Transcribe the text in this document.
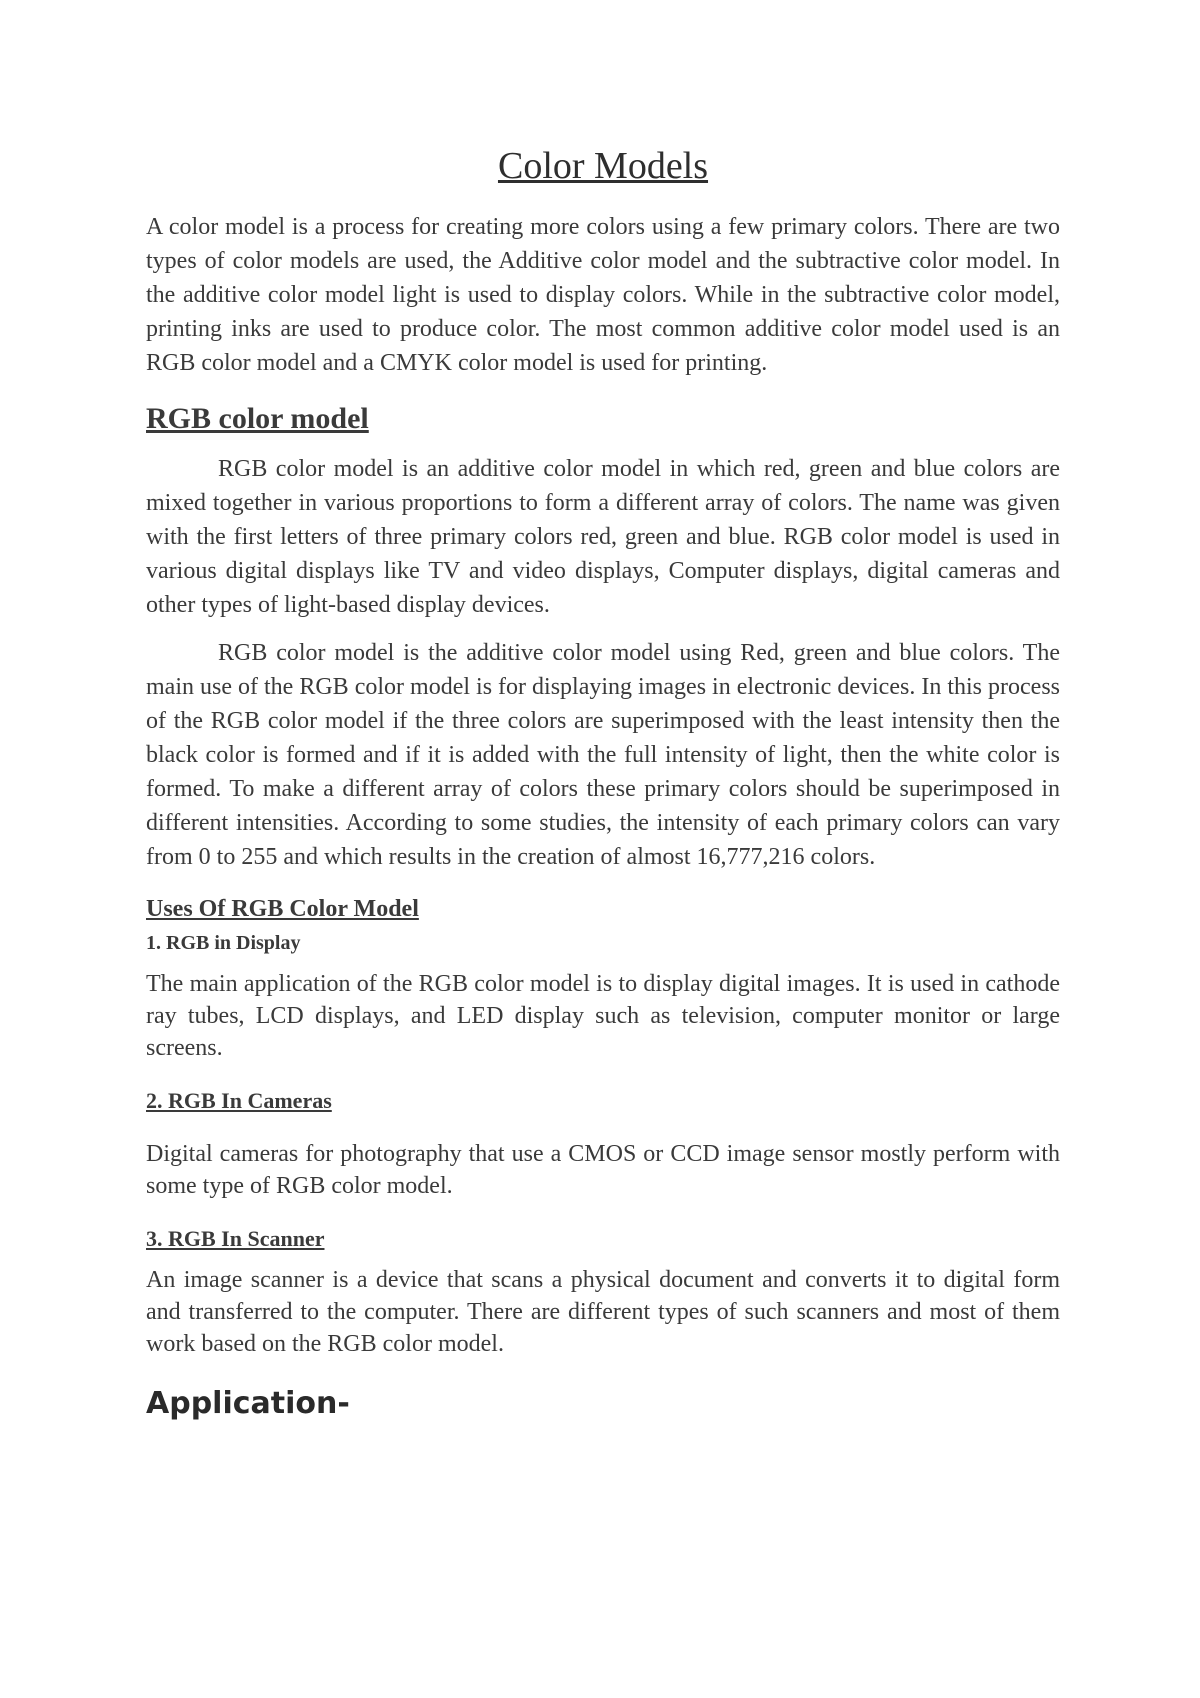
Color Models

A color model is a process for creating more colors using a few primary colors. There are two types of color models are used, the Additive color model and the subtractive color model. In the additive color model light is used to display colors. While in the subtractive color model, printing inks are used to produce color. The most common additive color model used is an RGB color model and a CMYK color model is used for printing.

RGB color model

RGB color model is an additive color model in which red, green and blue colors are mixed together in various proportions to form a different array of colors. The name was given with the first letters of three primary colors red, green and blue. RGB color model is used in various digital displays like TV and video displays, Computer displays, digital cameras and other types of light-based display devices.

RGB color model is the additive color model using Red, green and blue colors. The main use of the RGB color model is for displaying images in electronic devices. In this process of the RGB color model if the three colors are superimposed with the least intensity then the black color is formed and if it is added with the full intensity of light, then the white color is formed. To make a different array of colors these primary colors should be superimposed in different intensities. According to some studies, the intensity of each primary colors can vary from 0 to 255 and which results in the creation of almost 16,777,216 colors.

Uses Of RGB Color Model
1. RGB in Display

The main application of the RGB color model is to display digital images. It is used in cathode ray tubes, LCD displays, and LED display such as television, computer monitor or large screens.

2. RGB In Cameras

Digital cameras for photography that use a CMOS or CCD image sensor mostly perform with some type of RGB color model.

3. RGB In Scanner

An image scanner is a device that scans a physical document and converts it to digital form and transferred to the computer. There are different types of such scanners and most of them work based on the RGB color model.

Application-
